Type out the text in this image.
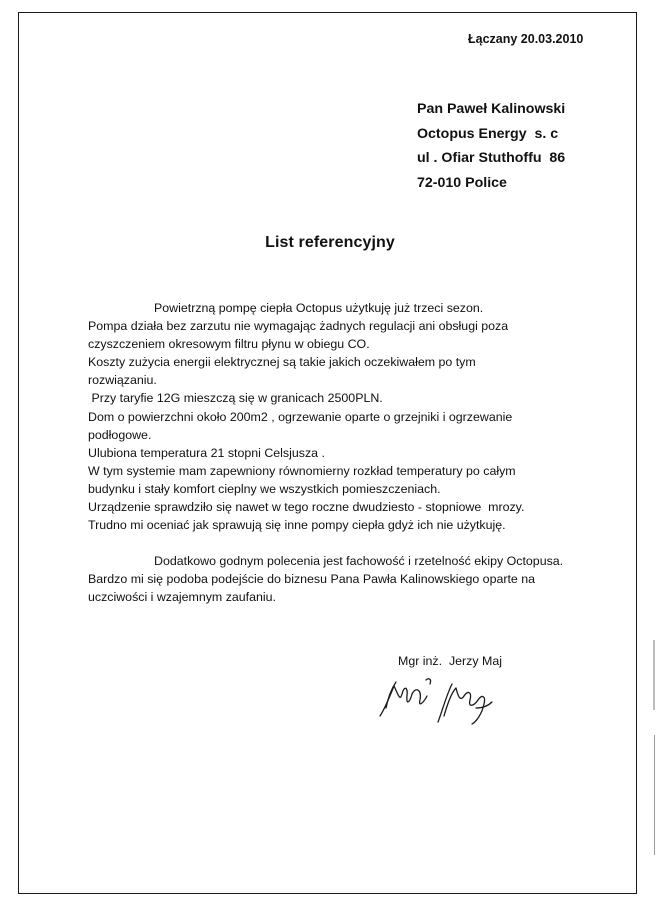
Łączany 20.03.2010
Pan Paweł Kalinowski
Octopus Energy  s. c
ul . Ofiar Stuthoffu  86
72-010 Police
List referencyjny
Powietrzną pompę ciepła Octopus użytkuję już trzeci sezon.
Pompa działa bez zarzutu nie wymagając żadnych regulacji ani obsługi poza
czyszczeniem okresowym filtru płynu w obiegu CO.
Koszty zużycia energii elektrycznej są takie jakich oczekiwałem po tym
rozwiązaniu.
Przy taryfie 12G mieszczą się w granicach 2500PLN.
Dom o powierzchni około 200m2 , ogrzewanie oparte o grzejniki i ogrzewanie
podłogowe.
Ulubiona temperatura 21 stopni Celsjusza .
W tym systemie mam zapewniony równomierny rozkład temperatury po całym
budynku i stały komfort cieplny we wszystkich pomieszczeniach.
Urządzenie sprawdziło się nawet w tego roczne dwudziesto - stopniowe  mrozy.
Trudno mi oceniać jak sprawują się inne pompy ciepła gdyż ich nie użytkuję.
Dodatkowo godnym polecenia jest fachowość i rzetelność ekipy Octopusa.
Bardzo mi się podoba podejście do biznesu Pana Pawła Kalinowskiego oparte na
uczciwości i wzajemnym zaufaniu.
Mgr inż.  Jerzy Maj
